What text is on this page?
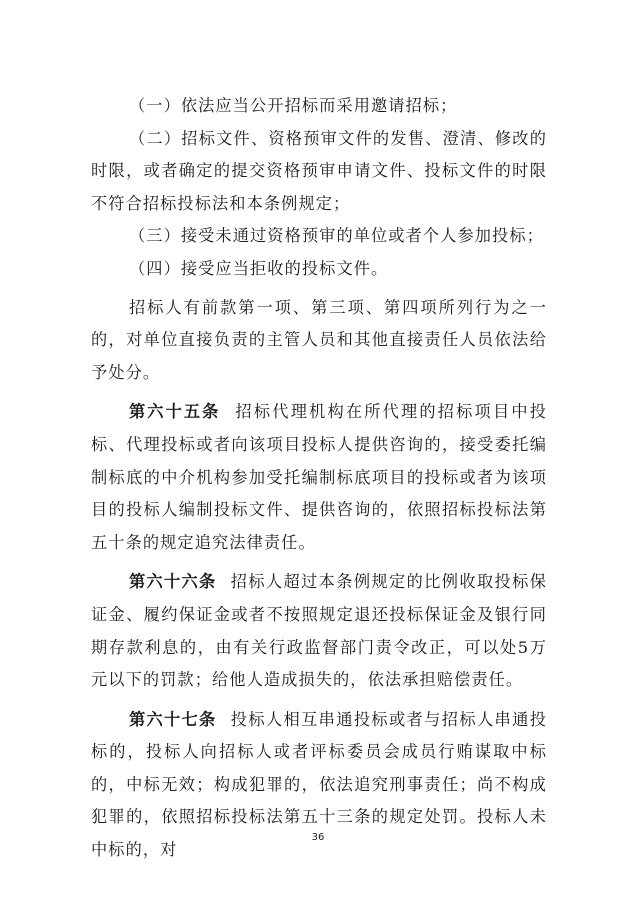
（一）依法应当公开招标而采用邀请招标；

（二）招标文件、资格预审文件的发售、澄清、修改的时限，或者确定的提交资格预审申请文件、投标文件的时限不符合招标投标法和本条例规定；

（三）接受未通过资格预审的单位或者个人参加投标；

（四）接受应当拒收的投标文件。

招标人有前款第一项、第三项、第四项所列行为之一的，对单位直接负责的主管人员和其他直接责任人员依法给予处分。

第六十五条 招标代理机构在所代理的招标项目中投标、代理投标或者向该项目投标人提供咨询的，接受委托编制标底的中介机构参加受托编制标底项目的投标或者为该项目的投标人编制投标文件、提供咨询的，依照招标投标法第五十条的规定追究法律责任。

第六十六条 招标人超过本条例规定的比例收取投标保证金、履约保证金或者不按照规定退还投标保证金及银行同期存款利息的，由有关行政监督部门责令改正，可以处5万元以下的罚款；给他人造成损失的，依法承担赔偿责任。

第六十七条 投标人相互串通投标或者与招标人串通投标的，投标人向招标人或者评标委员会成员行贿谋取中标的，中标无效；构成犯罪的，依法追究刑事责任；尚不构成犯罪的，依照招标投标法第五十三条的规定处罚。投标人未中标的，对

36
